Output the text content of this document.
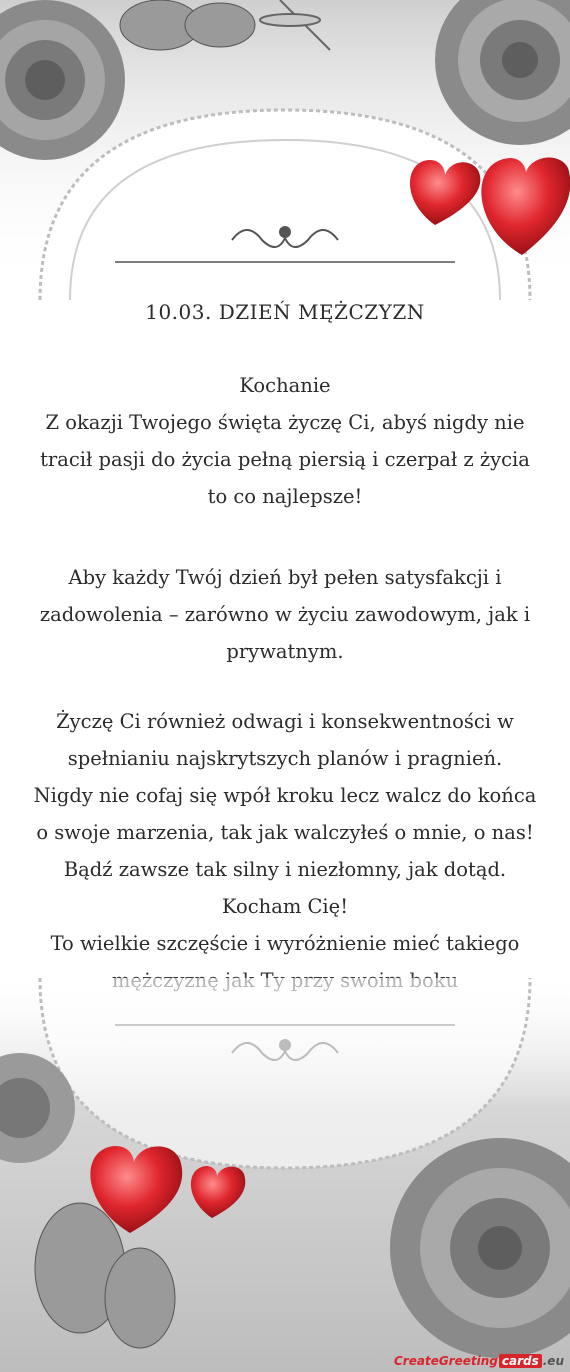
10.03. DZIEŃ MĘŻCZYZN
Kochanie
Z okazji Twojego święta życzę Ci, abyś nigdy nie
tracił pasji do życia pełną piersią i czerpał z życia
to co najlepsze!
Aby każdy Twój dzień był pełen satysfakcji i
zadowolenia – zarówno w życiu zawodowym, jak i
prywatnym.
Życzę Ci również odwagi i konsekwentności w
spełnianiu najskrytszych planów i pragnień.
Nigdy nie cofaj się wpół kroku lecz walcz do końca
o swoje marzenia, tak jak walczyłeś o mnie, o nas!
Bądź zawsze tak silny i niezłomny, jak dotąd.
Kocham Cię!
To wielkie szczęście i wyróżnienie mieć takiego
CreateGreeting cards .eu
